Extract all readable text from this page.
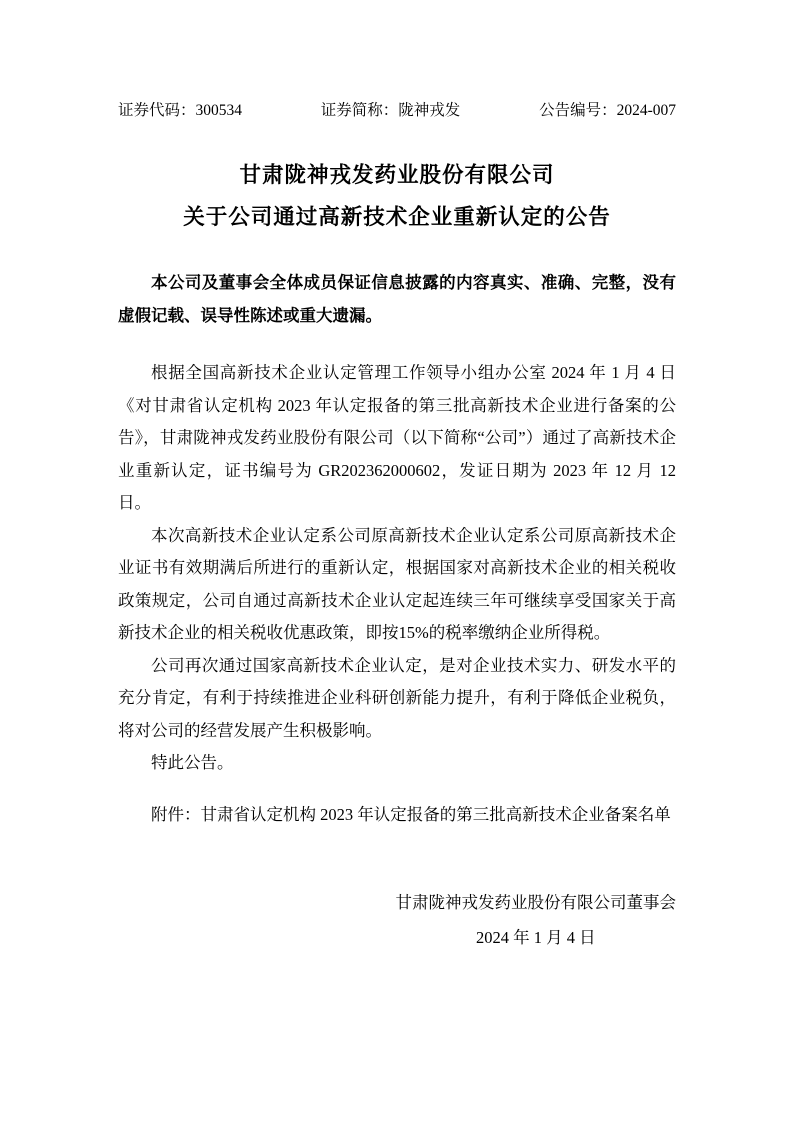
证券代码：300534	证券简称：陇神戎发	公告编号：2024-007
甘肃陇神戎发药业股份有限公司
关于公司通过高新技术企业重新认定的公告

本公司及董事会全体成员保证信息披露的内容真实、准确、完整，没有虚假记载、误导性陈述或重大遗漏。

根据全国高新技术企业认定管理工作领导小组办公室 2024 年 1 月 4 日《对甘肃省认定机构 2023 年认定报备的第三批高新技术企业进行备案的公告》，甘肃陇神戎发药业股份有限公司（以下简称“公司”）通过了高新技术企业重新认定，证书编号为 GR202362000602，发证日期为 2023 年 12 月 12 日。

本次高新技术企业认定系公司原高新技术企业认定系公司原高新技术企业证书有效期满后所进行的重新认定，根据国家对高新技术企业的相关税收政策规定，公司自通过高新技术企业认定起连续三年可继续享受国家关于高新技术企业的相关税收优惠政策，即按15%的税率缴纳企业所得税。

公司再次通过国家高新技术企业认定，是对企业技术实力、研发水平的充分肯定，有利于持续推进企业科研创新能力提升，有利于降低企业税负，将对公司的经营发展产生积极影响。

特此公告。

附件：甘肃省认定机构 2023 年认定报备的第三批高新技术企业备案名单

甘肃陇神戎发药业股份有限公司董事会
2024 年 1 月 4 日
